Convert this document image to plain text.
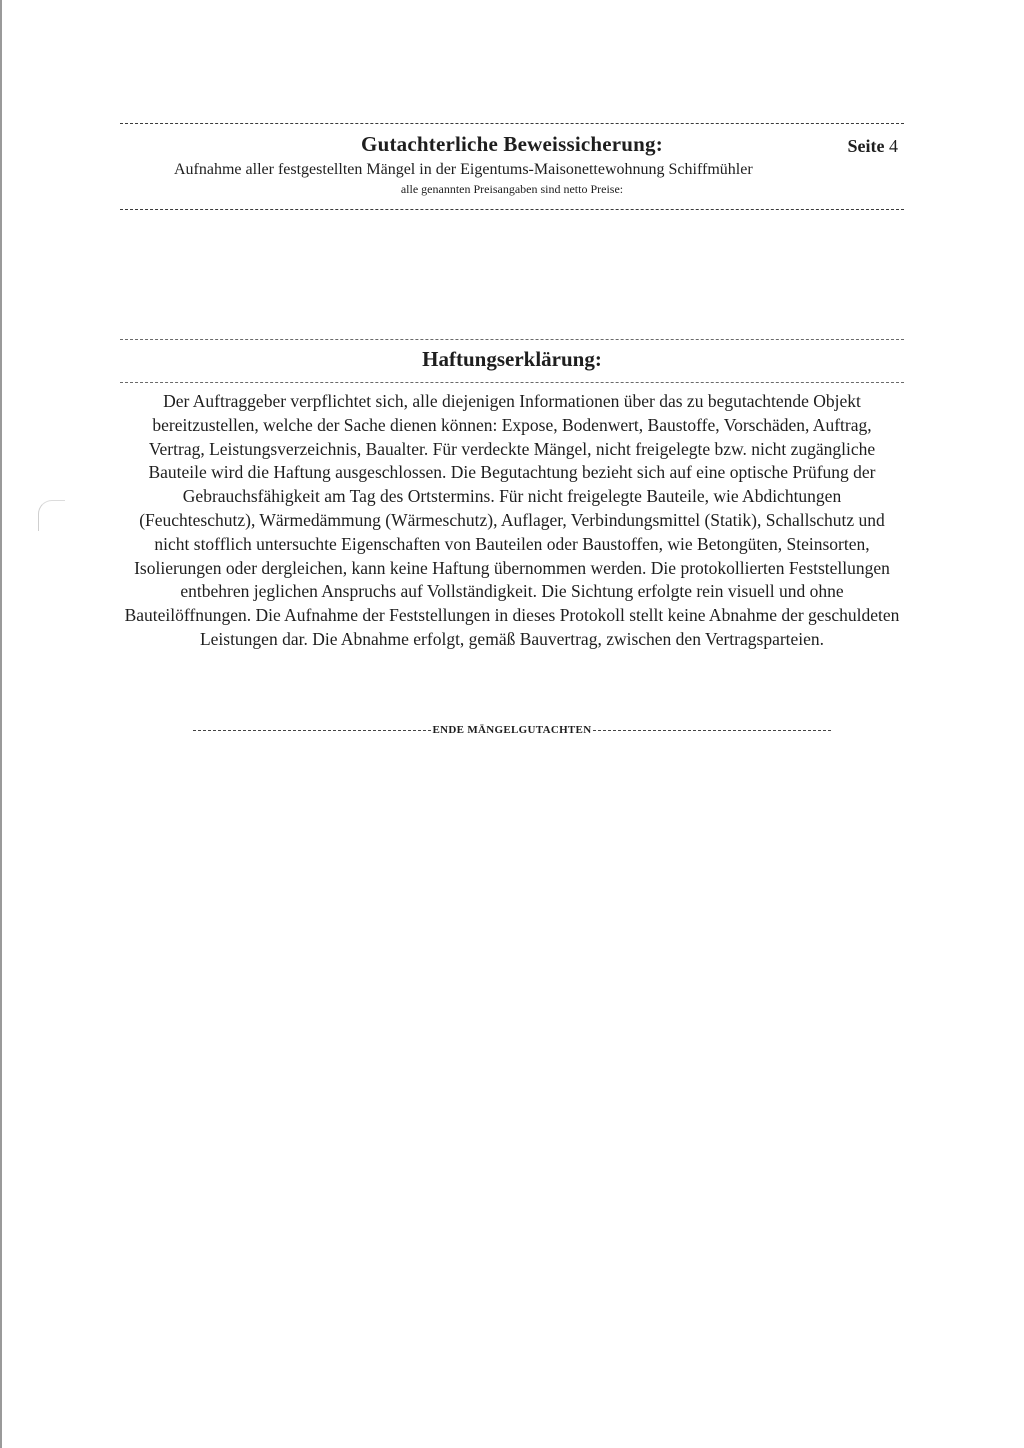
Gutachterliche Beweissicherung:	Seite 4
Aufnahme aller festgestellten Mängel in der Eigentums-Maisonettewohnung Schiffmühler
alle genannten Preisangaben sind netto Preise:
Haftungserklärung:

Der Auftraggeber verpflichtet sich, alle diejenigen Informationen über das zu begutachtende Objekt bereitzustellen, welche der Sache dienen können: Expose, Bodenwert, Baustoffe, Vorschäden, Auftrag, Vertrag, Leistungsverzeichnis, Baualter. Für verdeckte Mängel, nicht freigelegte bzw. nicht zugängliche Bauteile wird die Haftung ausgeschlossen. Die Begutachtung bezieht sich auf eine optische Prüfung der Gebrauchsfähigkeit am Tag des Ortstermins. Für nicht freigelegte Bauteile, wie Abdichtungen (Feuchteschutz), Wärmedämmung (Wärmeschutz), Auflager, Verbindungsmittel (Statik), Schallschutz und nicht stofflich untersuchte Eigenschaften von Bauteilen oder Baustoffen, wie Betongüten, Steinsorten, Isolierungen oder dergleichen, kann keine Haftung übernommen werden. Die protokollierten Feststellungen entbehren jeglichen Anspruchs auf Vollständigkeit. Die Sichtung erfolgte rein visuell und ohne Bauteilöffnungen. Die Aufnahme der Feststellungen in dieses Protokoll stellt keine Abnahme der geschuldeten Leistungen dar. Die Abnahme erfolgt, gemäß Bauvertrag, zwischen den Vertragsparteien.

ENDE MÄNGELGUTACHTEN
